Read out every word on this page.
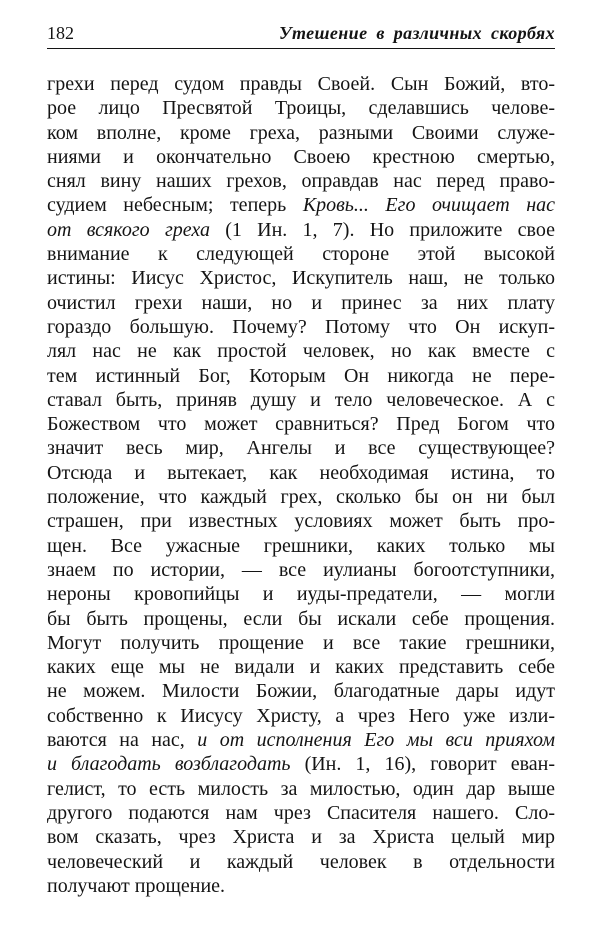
182	Утешение в различных скорбях
грехи перед судом правды Своей. Сын Божий, вто-
рое лицо Пресвятой Троицы, сделавшись челове-
ком вполне, кроме греха, разными Своими служе-
ниями и окончательно Своею крестною смертью,
снял вину наших грехов, оправдав нас перед право-
судием небесным; теперь Кровь... Его очищает нас
от всякого греха (1 Ин. 1, 7). Но приложите свое
внимание к следующей стороне этой высокой
истины: Иисус Христос, Искупитель наш, не только
очистил грехи наши, но и принес за них плату
гораздо большую. Почему? Потому что Он искуп-
лял нас не как простой человек, но как вместе с
тем истинный Бог, Которым Он никогда не пере-
ставал быть, приняв душу и тело человеческое. А с
Божеством что может сравниться? Пред Богом что
значит весь мир, Ангелы и все существующее?
Отсюда и вытекает, как необходимая истина, то
положение, что каждый грех, сколько бы он ни был
страшен, при известных условиях может быть про-
щен. Все ужасные грешники, каких только мы
знаем по истории, — все иулианы богоотступники,
нероны кровопийцы и иуды-предатели, — могли
бы быть прощены, если бы искали себе прощения.
Могут получить прощение и все такие грешники,
каких еще мы не видали и каких представить себе
не можем. Милости Божии, благодатные дары идут
собственно к Иисусу Христу, а чрез Него уже изли-
ваются на нас, и от исполнения Его мы вси прияхом
и благодать возблагодать (Ин. 1, 16), говорит еван-
гелист, то есть милость за милостью, один дар выше
другого подаются нам чрез Спасителя нашего. Сло-
вом сказать, чрез Христа и за Христа целый мир
человеческий и каждый человек в отдельности
получают прощение.
